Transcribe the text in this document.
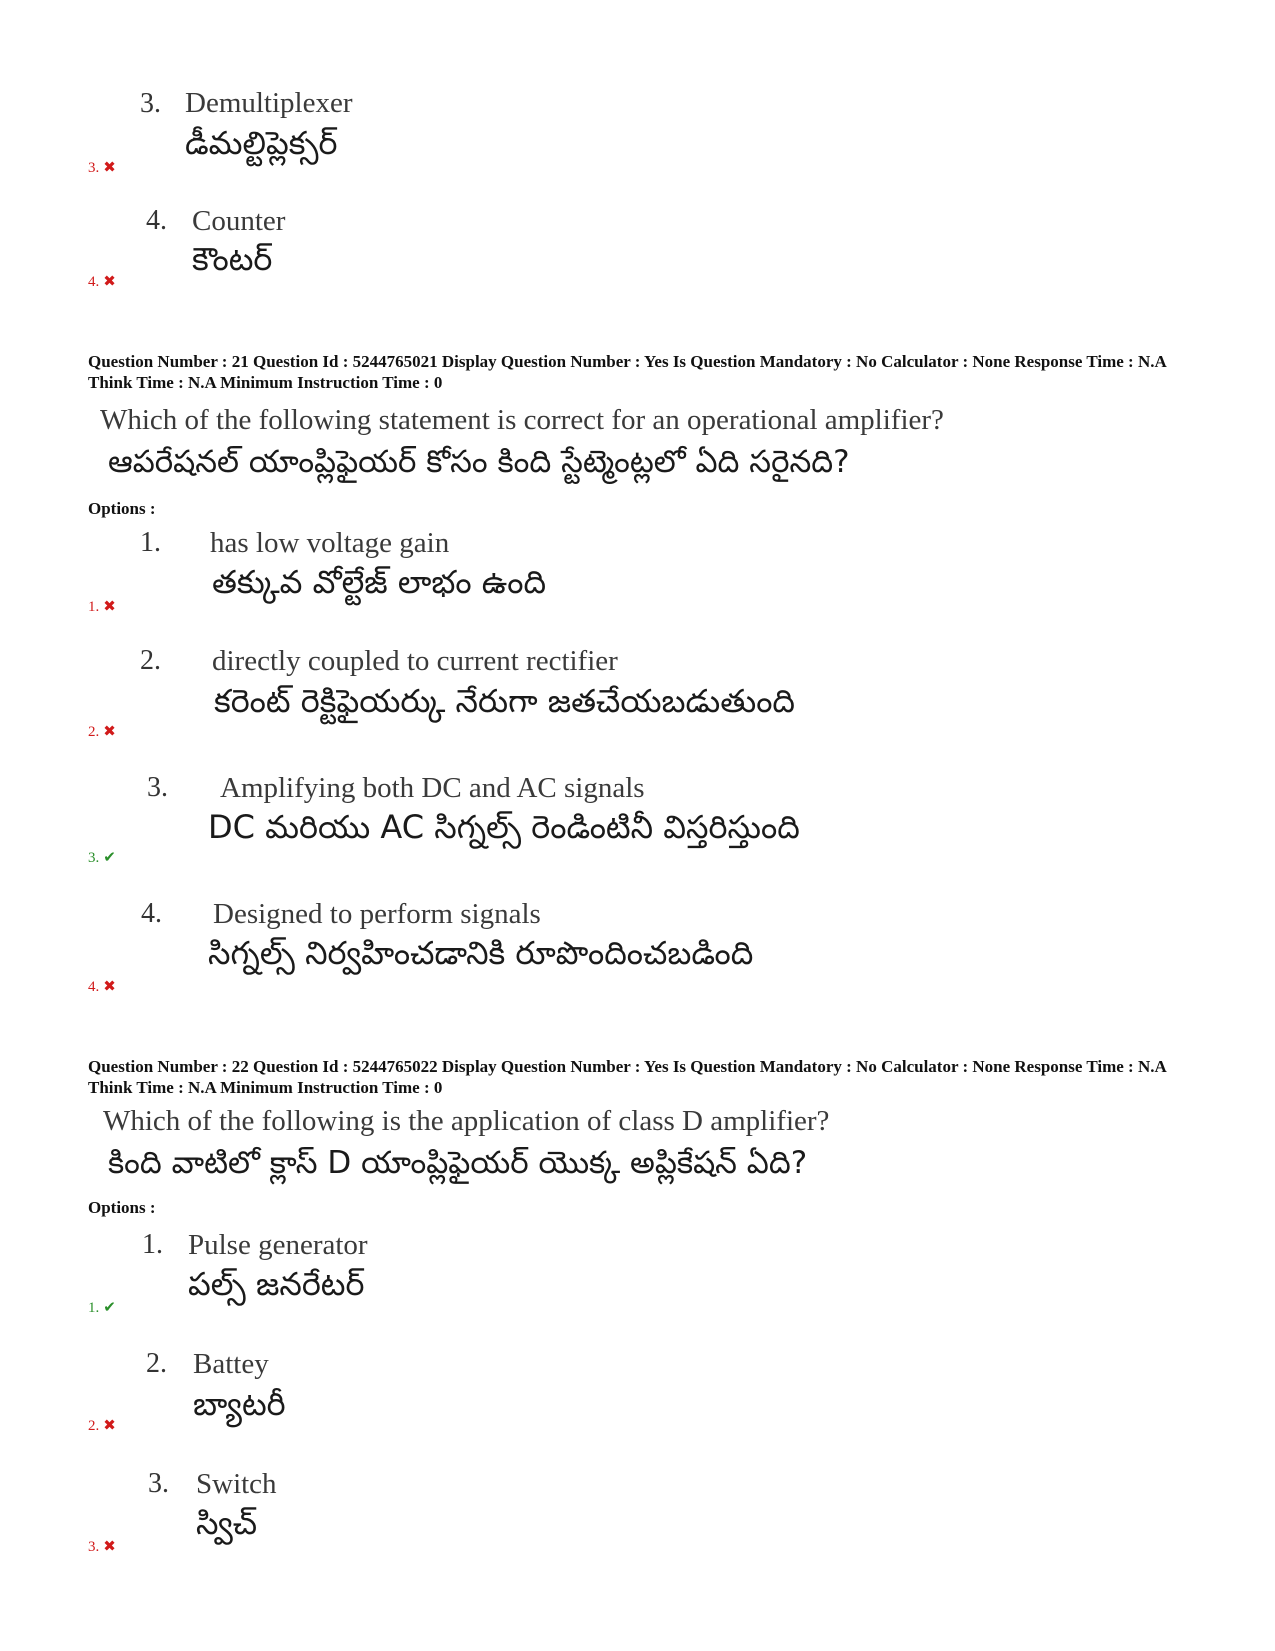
3. Demultiplexer
డీమల్టిప్లెక్సర్
3. ✖
4. Counter
కౌంటర్
4. ✖
Question Number : 21 Question Id : 5244765021 Display Question Number : Yes Is Question Mandatory : No Calculator : None Response Time : N.A Think Time : N.A Minimum Instruction Time : 0
Which of the following statement is correct for an operational amplifier?
ఆపరేషనల్ యాంప్లిఫైయర్ కోసం కింది స్టేట్మెంట్లలో ఏది సరైనది?
Options :
1. has low voltage gain
తక్కువ వోల్టేజ్ లాభం ఉంది
1. ✖
2. directly coupled to current rectifier
కరెంట్ రెక్టిఫైయర్కు నేరుగా జతచేయబడుతుంది
2. ✖
3. Amplifying both DC and AC signals
DC మరియు AC సిగ్నల్స్ రెండింటినీ విస్తరిస్తుంది
3. ✔
4. Designed to perform signals
సిగ్నల్స్ నిర్వహించడానికి రూపొందించబడింది
4. ✖
Question Number : 22 Question Id : 5244765022 Display Question Number : Yes Is Question Mandatory : No Calculator : None Response Time : N.A Think Time : N.A Minimum Instruction Time : 0
Which of the following is the application of class D amplifier?
కింది వాటిలో క్లాస్ D యాంప్లిఫైయర్ యొక్క అప్లికేషన్ ఏది?
Options :
1. Pulse generator
పల్స్ జనరేటర్
1. ✔
2. Battey
బ్యాటరీ
2. ✖
3. Switch
స్విచ్
3. ✖
